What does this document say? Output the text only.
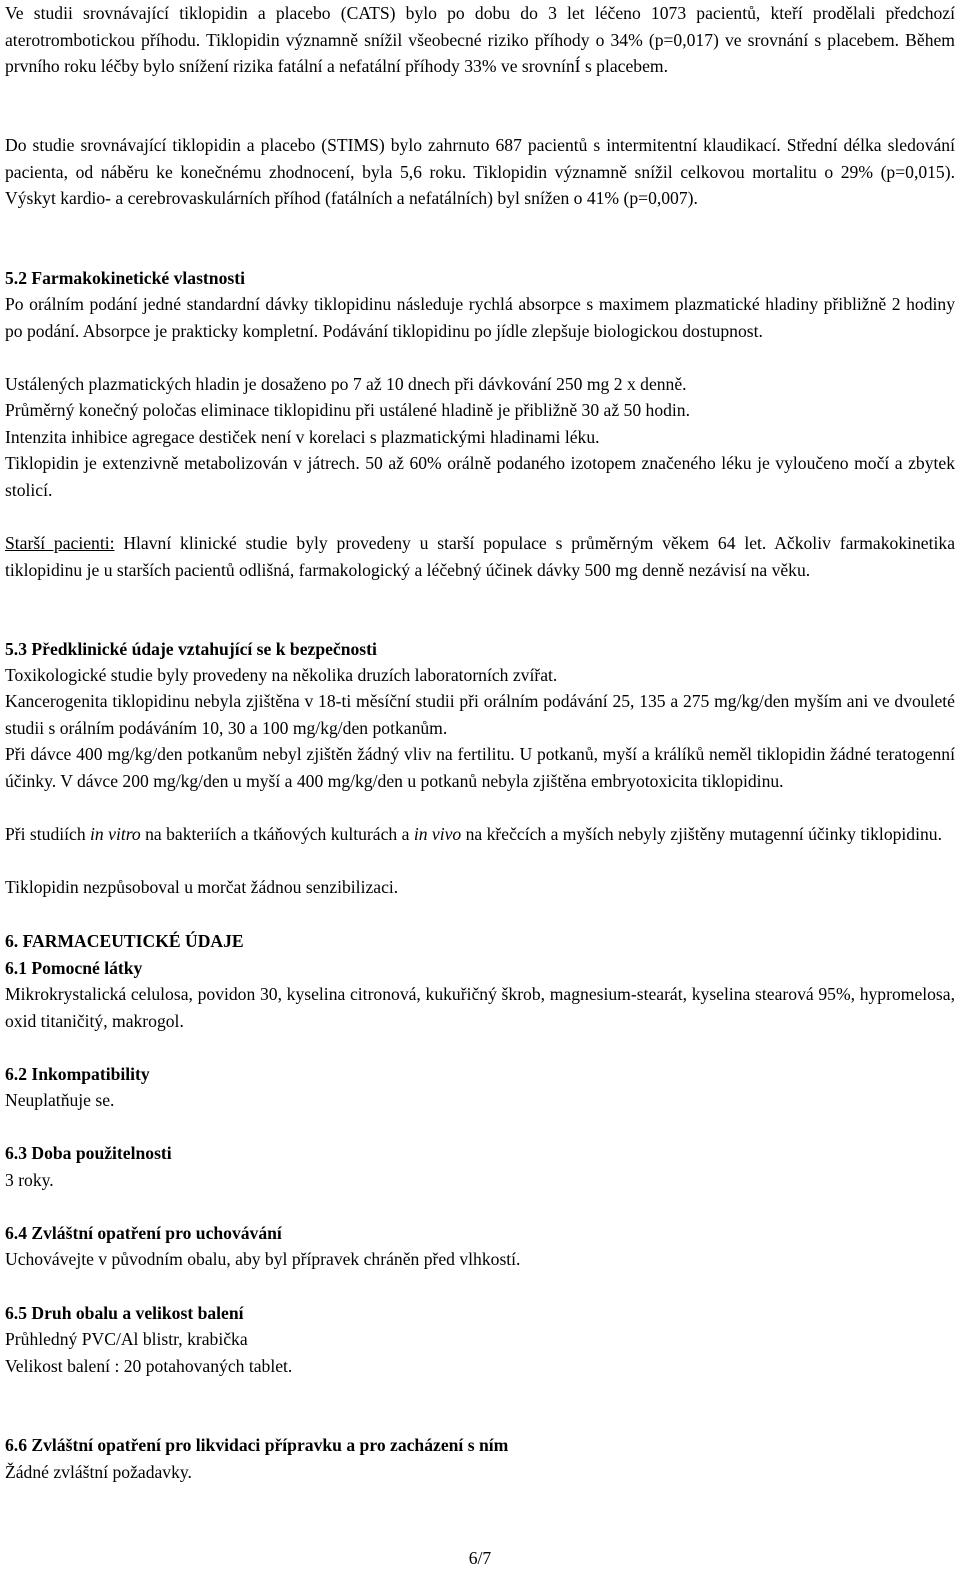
Ve studii srovnávající tiklopidin a placebo (CATS) bylo po dobu do 3 let léčeno 1073 pacientů, kteří prodělali předchozí aterotrombotickou příhodu. Tiklopidin významně snížil všeobecné riziko příhody o 34% (p=0,017) ve srovnání s placebem. Během prvního roku léčby bylo snížení rizika fatální a nefatální příhody 33% ve srovnínÍ s placebem.

Do studie srovnávající tiklopidin a placebo (STIMS) bylo zahrnuto 687 pacientů s intermitentní klaudikací. Střední délka sledování pacienta, od náběru ke konečnému zhodnocení, byla 5,6 roku. Tiklopidin významně snížil celkovou mortalitu o 29% (p=0,015). Výskyt kardio- a cerebrovaskulárních příhod (fatálních a nefatálních) byl snížen o 41% (p=0,007).

5.2 Farmakokinetické vlastnosti

Po orálním podání jedné standardní dávky tiklopidinu následuje rychlá absorpce s maximem plazmatické hladiny přibližně 2 hodiny po podání. Absorpce je prakticky kompletní. Podávání tiklopidinu po jídle zlepšuje biologickou dostupnost.

Ustálených plazmatických hladin je dosaženo po 7 až 10 dnech při dávkování 250 mg 2 x denně.

Průměrný konečný poločas eliminace tiklopidinu při ustálené hladině je přibližně 30 až 50 hodin.

Intenzita inhibice agregace destiček není v korelaci s plazmatickými hladinami léku.

Tiklopidin je extenzivně metabolizován v játrech. 50 až 60% orálně podaného izotopem značeného léku je vyloučeno močí a zbytek stolicí.

Starší pacienti: Hlavní klinické studie byly provedeny u starší populace s průměrným věkem 64 let. Ačkoliv farmakokinetika tiklopidinu je u starších pacientů odlišná, farmakologický a léčebný účinek dávky 500 mg denně nezávisí na věku.

5.3 Předklinické údaje vztahující se k bezpečnosti

Toxikologické studie byly provedeny na několika druzích laboratorních zvířat.

Kancerogenita tiklopidinu nebyla zjištěna v 18-ti měsíční studii při orálním podávání 25, 135 a 275 mg/kg/den myším ani ve dvouleté studii s orálním podáváním 10, 30 a 100 mg/kg/den potkanům.

Při dávce 400 mg/kg/den potkanům nebyl zjištěn žádný vliv na fertilitu. U potkanů, myší a králíků neměl tiklopidin žádné teratogenní účinky. V dávce 200 mg/kg/den u myší a 400 mg/kg/den u potkanů nebyla zjištěna embryotoxicita tiklopidinu.

Při studiích in vitro na bakteriích a tkáňových kulturách a in vivo na křečcích a myších nebyly zjištěny mutagenní účinky tiklopidinu.

Tiklopidin nezpůsoboval u morčat žádnou senzibilizaci.

6. FARMACEUTICKÉ ÚDAJE

6.1 Pomocné látky

Mikrokrystalická celulosa, povidon 30, kyselina citronová, kukuřičný škrob, magnesium-stearát, kyselina stearová 95%, hypromelosa, oxid titaničitý, makrogol.

6.2 Inkompatibility

Neuplatňuje se.

6.3 Doba použitelnosti

3 roky.

6.4 Zvláštní opatření pro uchovávání

Uchovávejte v původním obalu, aby byl přípravek chráněn před vlhkostí.

6.5 Druh obalu a velikost balení

Průhledný PVC/Al blistr, krabička

Velikost balení : 20 potahovaných tablet.

6.6 Zvláštní opatření pro likvidaci přípravku a pro zacházení s ním

Žádné zvláštní požadavky.

6/7
